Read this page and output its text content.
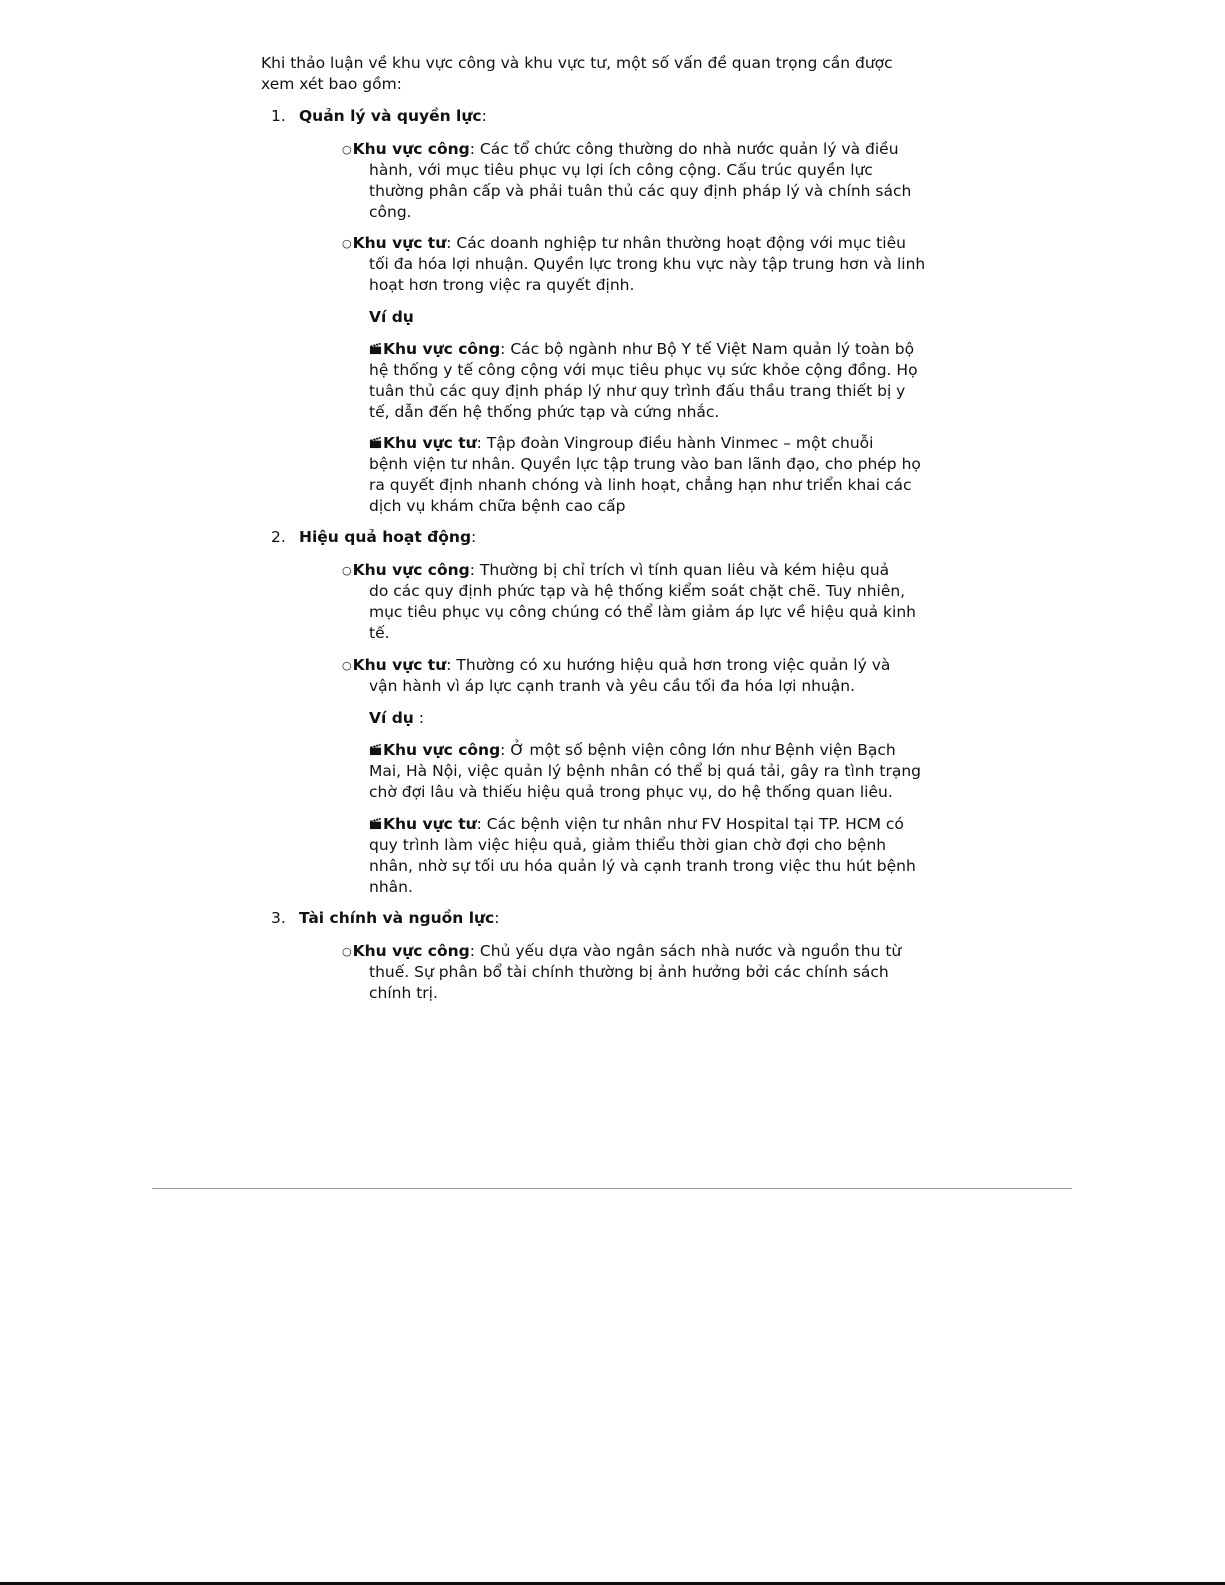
Khi thảo luận về khu vực công và khu vực tư, một số vấn đề quan trọng cần được
xem xét bao gồm:

1. Quản lý và quyền lực:

○Khu vực công: Các tổ chức công thường do nhà nước quản lý và điều
hành, với mục tiêu phục vụ lợi ích công cộng. Cấu trúc quyền lực
thường phân cấp và phải tuân thủ các quy định pháp lý và chính sách
công.
○Khu vực tư: Các doanh nghiệp tư nhân thường hoạt động với mục tiêu
tối đa hóa lợi nhuận. Quyền lực trong khu vực này tập trung hơn và linh
hoạt hơn trong việc ra quyết định.

Ví dụ

Khu vực công: Các bộ ngành như Bộ Y tế Việt Nam quản lý toàn bộ
hệ thống y tế công cộng với mục tiêu phục vụ sức khỏe cộng đồng. Họ
tuân thủ các quy định pháp lý như quy trình đấu thầu trang thiết bị y
tế, dẫn đến hệ thống phức tạp và cứng nhắc.
Khu vực tư: Tập đoàn Vingroup điều hành Vinmec – một chuỗi
bệnh viện tư nhân. Quyền lực tập trung vào ban lãnh đạo, cho phép họ
ra quyết định nhanh chóng và linh hoạt, chẳng hạn như triển khai các
dịch vụ khám chữa bệnh cao cấp

2. Hiệu quả hoạt động:

○Khu vực công: Thường bị chỉ trích vì tính quan liêu và kém hiệu quả
do các quy định phức tạp và hệ thống kiểm soát chặt chẽ. Tuy nhiên,
mục tiêu phục vụ công chúng có thể làm giảm áp lực về hiệu quả kinh
tế.
○Khu vực tư: Thường có xu hướng hiệu quả hơn trong việc quản lý và
vận hành vì áp lực cạnh tranh và yêu cầu tối đa hóa lợi nhuận.

Ví dụ :

Khu vực công: Ở một số bệnh viện công lớn như Bệnh viện Bạch
Mai, Hà Nội, việc quản lý bệnh nhân có thể bị quá tải, gây ra tình trạng
chờ đợi lâu và thiếu hiệu quả trong phục vụ, do hệ thống quan liêu.
Khu vực tư: Các bệnh viện tư nhân như FV Hospital tại TP. HCM có
quy trình làm việc hiệu quả, giảm thiểu thời gian chờ đợi cho bệnh
nhân, nhờ sự tối ưu hóa quản lý và cạnh tranh trong việc thu hút bệnh
nhân.

3. Tài chính và nguồn lực:

○Khu vực công: Chủ yếu dựa vào ngân sách nhà nước và nguồn thu từ
thuế. Sự phân bổ tài chính thường bị ảnh hưởng bởi các chính sách
chính trị.
